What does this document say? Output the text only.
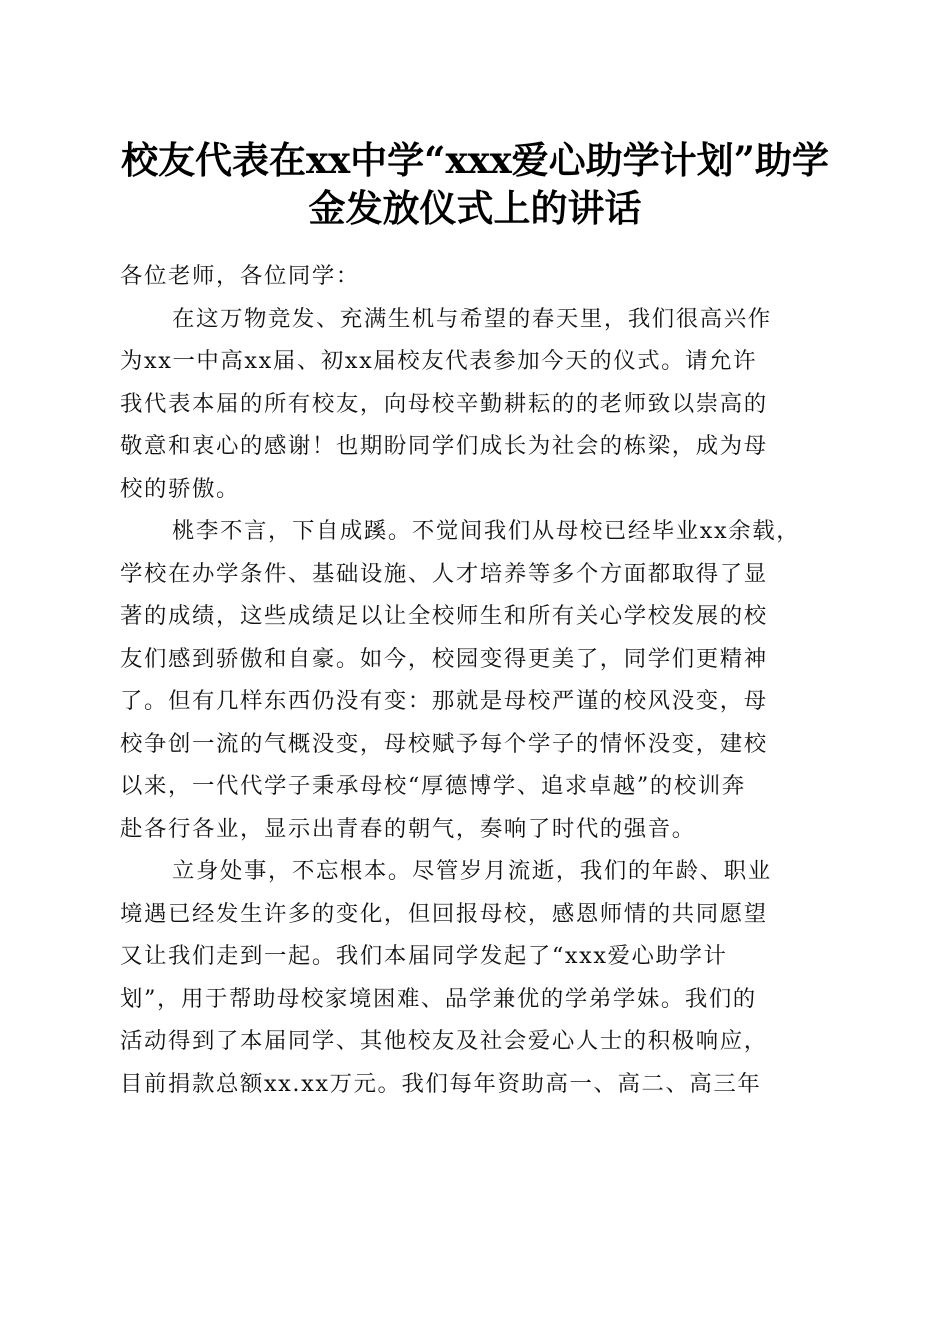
校友代表在xx中学“xxx爱心助学计划”助学
金发放仪式上的讲话
各位老师，各位同学：
在这万物竞发、充满生机与希望的春天里，我们很高兴作
为xx一中高xx届、初xx届校友代表参加今天的仪式。请允许
我代表本届的所有校友，向母校辛勤耕耘的的老师致以崇高的
敬意和衷心的感谢！也期盼同学们成长为社会的栋梁，成为母
校的骄傲。
桃李不言，下自成蹊。不觉间我们从母校已经毕业xx余载，
学校在办学条件、基础设施、人才培养等多个方面都取得了显
著的成绩，这些成绩足以让全校师生和所有关心学校发展的校
友们感到骄傲和自豪。如今，校园变得更美了，同学们更精神
了。但有几样东西仍没有变：那就是母校严谨的校风没变，母
校争创一流的气概没变，母校赋予每个学子的情怀没变，建校
以来，一代代学子秉承母校“厚德博学、追求卓越”的校训奔
赴各行各业，显示出青春的朝气，奏响了时代的强音。
立身处事，不忘根本。尽管岁月流逝，我们的年龄、职业
境遇已经发生许多的变化，但回报母校，感恩师情的共同愿望
又让我们走到一起。我们本届同学发起了“xxx爱心助学计
划”，用于帮助母校家境困难、品学兼优的学弟学妹。我们的
活动得到了本届同学、其他校友及社会爱心人士的积极响应，
目前捐款总额xx.xx万元。我们每年资助高一、高二、高三年
